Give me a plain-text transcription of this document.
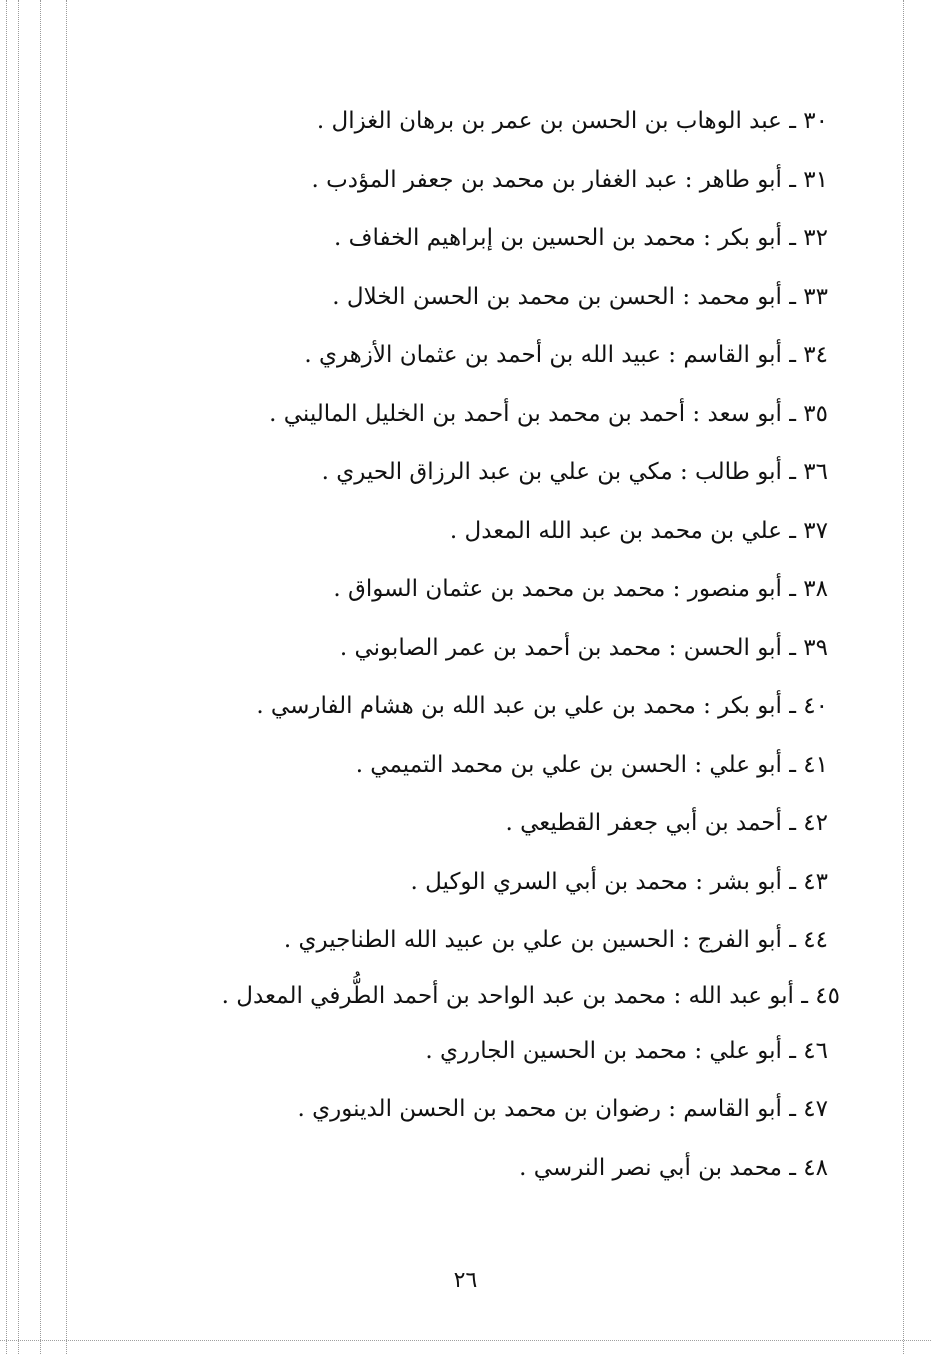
٣٠ ـ عبد الوهاب بن الحسن بن عمر بن برهان الغزال .
٣١ ـ أبو طاهر : عبد الغفار بن محمد بن جعفر المؤدب .
٣٢ ـ أبو بكر : محمد بن الحسين بن إبراهيم الخفاف .
٣٣ ـ أبو محمد : الحسن بن محمد بن الحسن الخلال .
٣٤ ـ أبو القاسم : عبيد الله بن أحمد بن عثمان الأزهري .
٣٥ ـ أبو سعد : أحمد بن محمد بن أحمد بن الخليل الماليني .
٣٦ ـ أبو طالب : مكي بن علي بن عبد الرزاق الحيري .
٣٧ ـ علي بن محمد بن عبد الله المعدل .
٣٨ ـ أبو منصور : محمد بن محمد بن عثمان السواق .
٣٩ ـ أبو الحسن : محمد بن أحمد بن عمر الصابوني .
٤٠ ـ أبو بكر : محمد بن علي بن عبد الله بن هشام الفارسي .
٤١ ـ أبو علي : الحسن بن علي بن محمد التميمي .
٤٢ ـ أحمد بن أبي جعفر القطيعي .
٤٣ ـ أبو بشر : محمد بن أبي السري الوكيل .
٤٤ ـ أبو الفرج : الحسين بن علي بن عبيد الله الطناجيري .
٤٥ ـ أبو عبد الله : محمد بن عبد الواحد بن أحمد الطُّرفي المعدل .
٤٦ ـ أبو علي : محمد بن الحسين الجارري .
٤٧ ـ أبو القاسم : رضوان بن محمد بن الحسن الدينوري .
٤٨ ـ محمد بن أبي نصر النرسي .
٢٦
